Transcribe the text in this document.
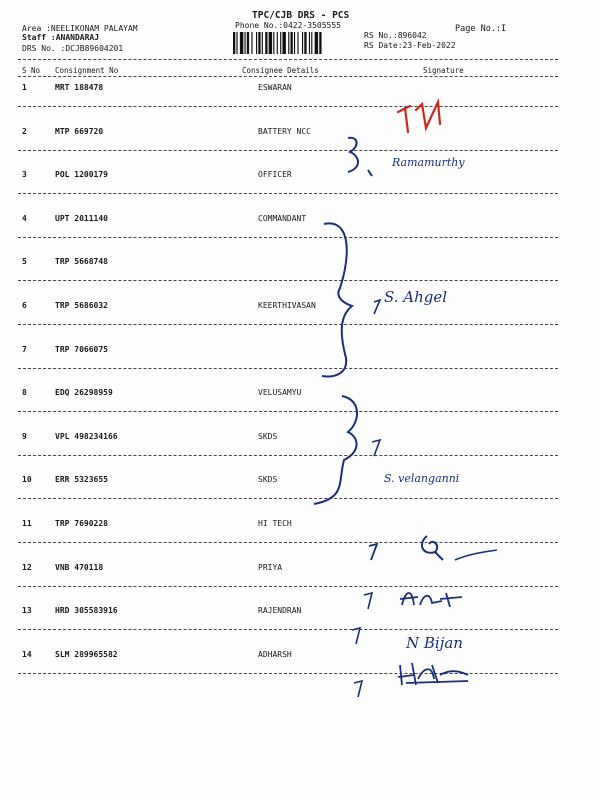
TPC/CJB DRS - PCS
Phone No.:0422-3505555
Area :NEELIKONAM PALAYAM
Staff :ANANDARAJ
DRS No. :DCJB89604201
Page No.:I
RS No.:896042
RS Date:23-Feb-2022
S No Consignment No	Consignee Details	Signature
1	MRT 188478	ESWARAN
2	MTP 669720	BATTERY NCC
3	POL 1200179	OFFICER
4	UPT 2011140	COMMANDANT
5	TRP 5668748
6	TRP 5686032	KEERTHIVASAN
7	TRP 7066075
8	EDQ 26298959	VELUSAMYU
9	VPL 498234166	SKDS
10	ERR 5323655	SKDS
11	TRP 7690228	HI TECH
12	VNB 470118	PRIYA
13	HRD 305583916	RAJENDRAN
14	SLM 289965582	ADHARSH
TN
Ramamurthy
S. Ahgel
S. velanganni
N Bijan
